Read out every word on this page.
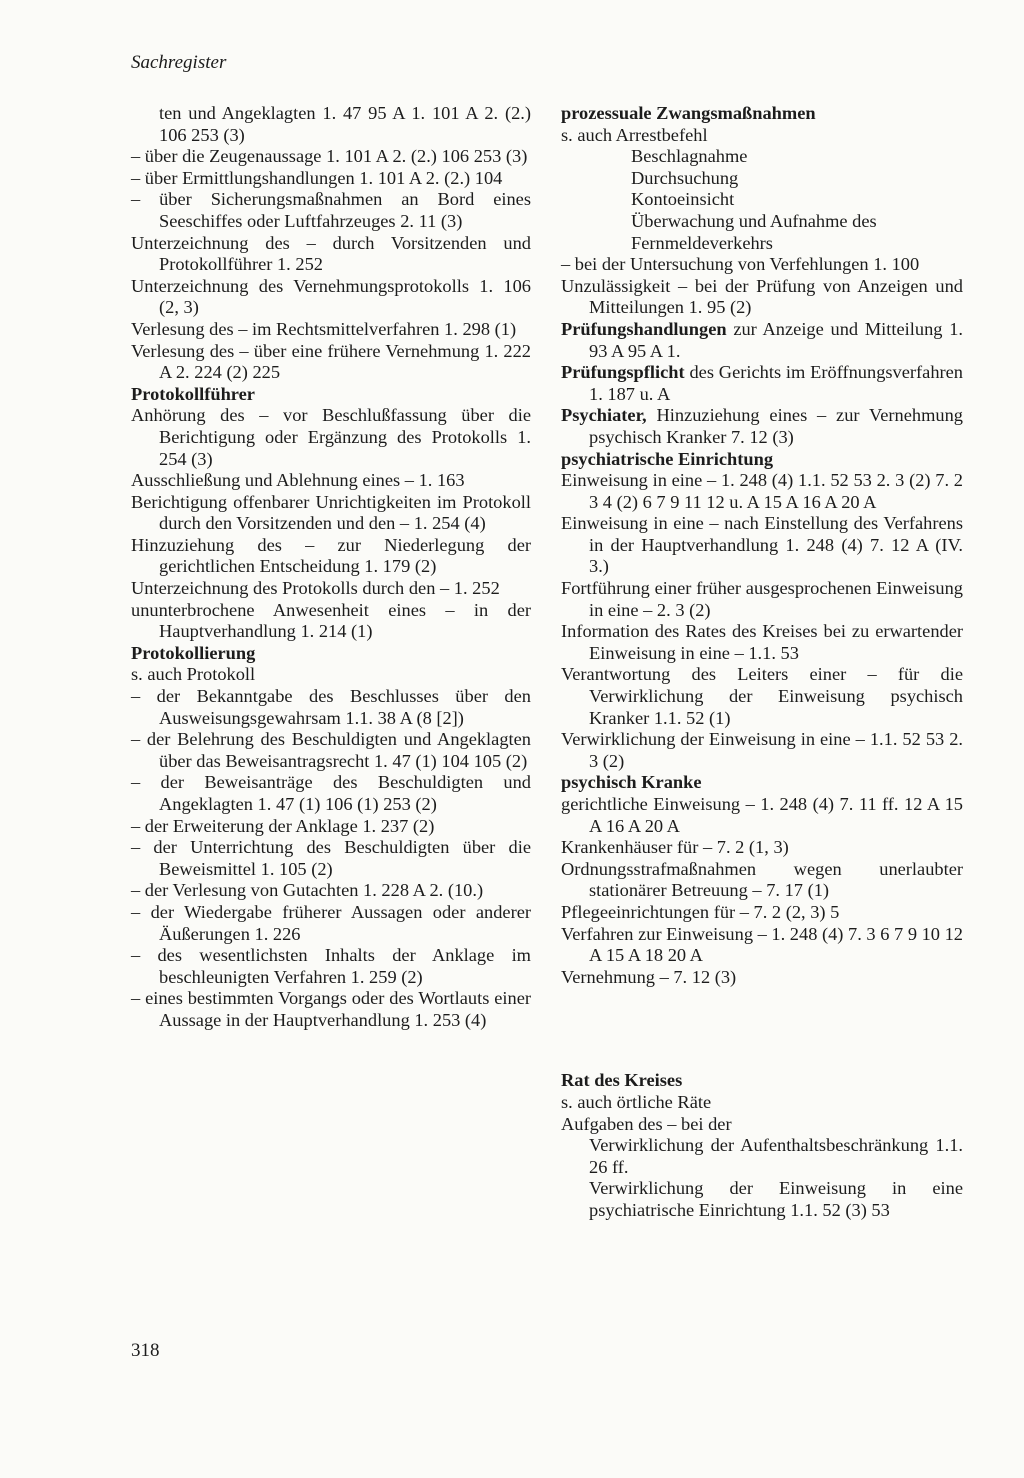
Sachregister
ten und Angeklagten 1. 47 95 A 1. 101 A 2. (2.) 106 253 (3)
– über die Zeugenaussage 1. 101 A 2. (2.) 106 253 (3)
– über Ermittlungshandlungen 1. 101 A 2. (2.) 104
– über Sicherungsmaßnahmen an Bord eines Seeschiffes oder Luftfahrzeuges 2. 11 (3)
Unterzeichnung des – durch Vorsitzenden und Protokollführer 1. 252
Unterzeichnung des Vernehmungsprotokolls 1. 106 (2, 3)
Verlesung des – im Rechtsmittelverfahren 1. 298 (1)
Verlesung des – über eine frühere Vernehmung 1. 222 A 2. 224 (2) 225
Protokollführer
Anhörung des – vor Beschlußfassung über die Berichtigung oder Ergänzung des Protokolls 1. 254 (3)
Ausschließung und Ablehnung eines – 1. 163
Berichtigung offenbarer Unrichtigkeiten im Protokoll durch den Vorsitzenden und den – 1. 254 (4)
Hinzuziehung des – zur Niederlegung der gerichtlichen Entscheidung 1. 179 (2)
Unterzeichnung des Protokolls durch den – 1. 252
ununterbrochene Anwesenheit eines – in der Hauptverhandlung 1. 214 (1)
Protokollierung
s. auch Protokoll
– der Bekanntgabe des Beschlusses über den Ausweisungsgewahrsam 1.1. 38 A (8 [2])
– der Belehrung des Beschuldigten und Angeklagten über das Beweisantragsrecht 1. 47 (1) 104 105 (2)
– der Beweisanträge des Beschuldigten und Angeklagten 1. 47 (1) 106 (1) 253 (2)
– der Erweiterung der Anklage 1. 237 (2)
– der Unterrichtung des Beschuldigten über die Beweismittel 1. 105 (2)
– der Verlesung von Gutachten 1. 228 A 2. (10.)
– der Wiedergabe früherer Aussagen oder anderer Äußerungen 1. 226
– des wesentlichsten Inhalts der Anklage im beschleunigten Verfahren 1. 259 (2)
– eines bestimmten Vorgangs oder des Wortlauts einer Aussage in der Hauptverhandlung 1. 253 (4)
prozessuale Zwangsmaßnahmen
s. auch Arrestbefehl
Beschlagnahme
Durchsuchung
Kontoeinsicht
Überwachung und Aufnahme des Fernmeldeverkehrs
– bei der Untersuchung von Verfehlungen 1. 100
Unzulässigkeit – bei der Prüfung von Anzeigen und Mitteilungen 1. 95 (2)
Prüfungshandlungen zur Anzeige und Mitteilung 1. 93 A 95 A 1.
Prüfungspflicht des Gerichts im Eröffnungsverfahren 1. 187 u. A
Psychiater, Hinzuziehung eines – zur Vernehmung psychisch Kranker 7. 12 (3)
psychiatrische Einrichtung
Einweisung in eine – 1. 248 (4) 1.1. 52 53 2. 3 (2) 7. 2 3 4 (2) 6 7 9 11 12 u. A 15 A 16 A 20 A
Einweisung in eine – nach Einstellung des Verfahrens in der Hauptverhandlung 1. 248 (4) 7. 12 A (IV. 3.)
Fortführung einer früher ausgesprochenen Einweisung in eine – 2. 3 (2)
Information des Rates des Kreises bei zu erwartender Einweisung in eine – 1.1. 53
Verantwortung des Leiters einer – für die Verwirklichung der Einweisung psychisch Kranker 1.1. 52 (1)
Verwirklichung der Einweisung in eine – 1.1. 52 53 2. 3 (2)
psychisch Kranke
gerichtliche Einweisung – 1. 248 (4) 7. 11 ff. 12 A 15 A 16 A 20 A
Krankenhäuser für – 7. 2 (1, 3)
Ordnungsstrafmaßnahmen wegen unerlaubter stationärer Betreuung – 7. 17 (1)
Pflegeeinrichtungen für – 7. 2 (2, 3) 5
Verfahren zur Einweisung – 1. 248 (4) 7. 3 6 7 9 10 12 A 15 A 18 20 A
Vernehmung – 7. 12 (3)
Rat des Kreises
s. auch örtliche Räte
Aufgaben des – bei der
Verwirklichung der Aufenthaltsbeschränkung 1.1. 26 ff.
Verwirklichung der Einweisung in eine psychiatrische Einrichtung 1.1. 52 (3) 53
318
